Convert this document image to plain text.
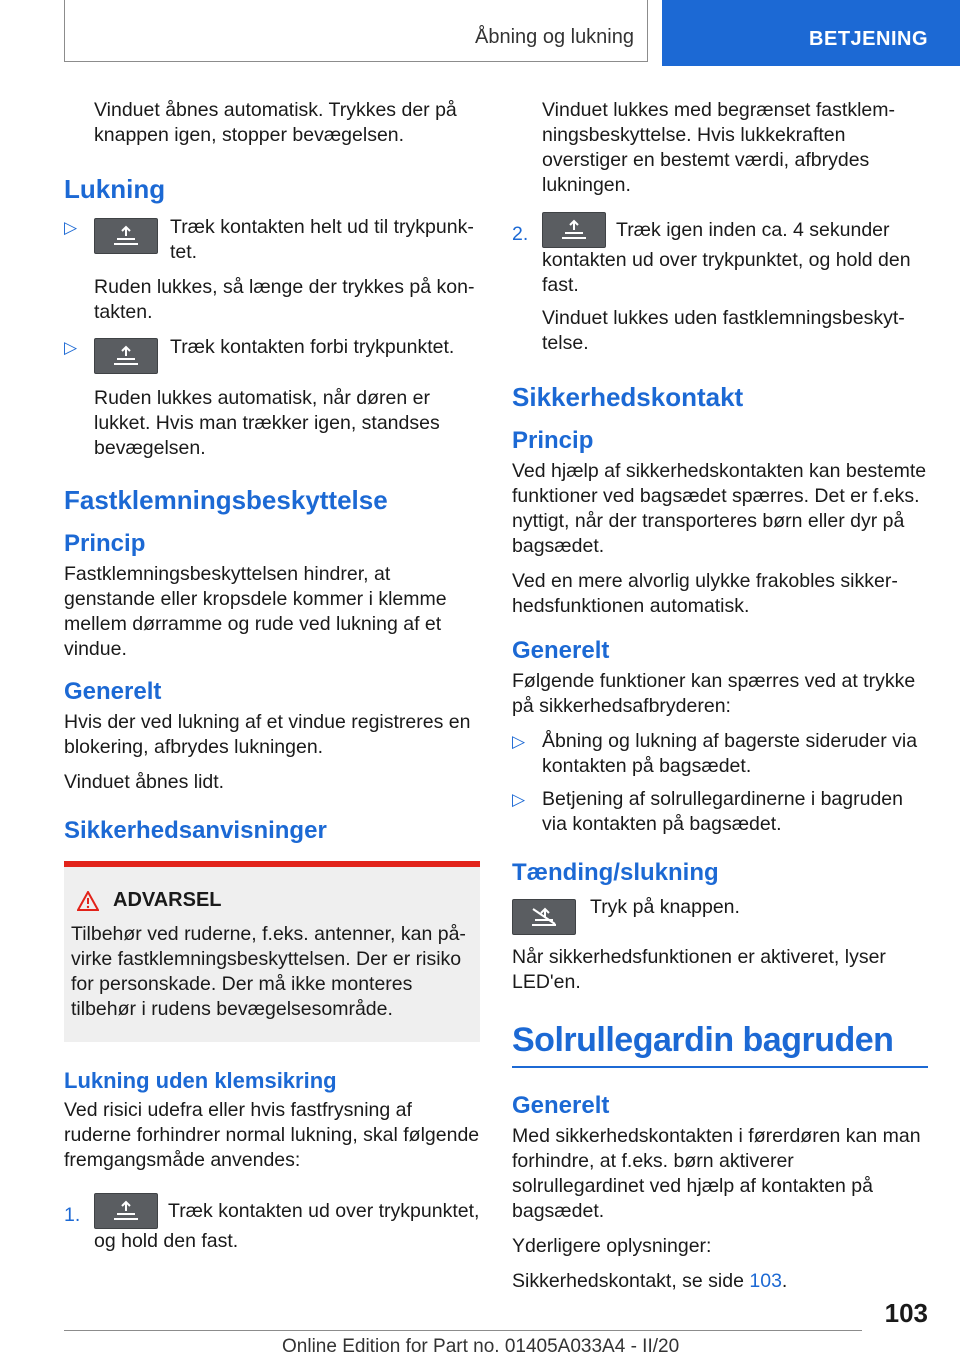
Åbning og lukning	BETJENING

Vinduet åbnes automatisk. Trykkes der på knappen igen, stopper bevægelsen.

Lukning
▷	Træk kontakten helt ud til trykpunktet.

Ruden lukkes, så længe der trykkes på kontakten.

▷	Træk kontakten forbi trykpunktet.
Ruden lukkes automatisk, når døren er lukket. Hvis man trækker igen, standses bevægelsen.

Fastklemningsbeskyttelse
Princip

Fastklemningsbeskyttelsen hindrer, at genstande eller kropsdele kommer i klemme mellem dørramme og rude ved lukning af et vindue.

Generelt

Hvis der ved lukning af et vindue registreres en blokering, afbrydes lukningen.

Vinduet åbnes lidt.

Sikkerhedsanvisninger
ADVARSEL

Tilbehør ved ruderne, f.eks. antenner, kan påvirke fastklemningsbeskyttelsen. Der er risiko for personskade. Der må ikke monteres tilbehør i rudens bevægelsesområde.

Lukning uden klemsikring

Ved risici udefra eller hvis fastfrysning af ruderne forhindrer normal lukning, skal følgende fremgangsmåde anvendes:

1.	Træk kontakten ud over trykpunktet, og hold den fast.

Vinduet lukkes med begrænset fastklemningsbeskyttelse. Hvis lukkekraften overstiger en bestemt værdi, afbrydes lukningen.

2.	Træk igen inden ca. 4 sekunder kontakten ud over trykpunktet, og hold den fast.

Vinduet lukkes uden fastklemningsbeskyttelse.

Sikkerhedskontakt
Princip

Ved hjælp af sikkerhedskontakten kan bestemte funktioner ved bagsædet spærres. Det er f.eks. nyttigt, når der transporteres børn eller dyr på bagsædet.

Ved en mere alvorlig ulykke frakobles sikkerhedsfunktionen automatisk.

Generelt

Følgende funktioner kan spærres ved at trykke på sikkerhedsafbryderen:

▷ Åbning og lukning af bagerste sideruder via kontakten på bagsædet.

▷ Betjening af solrullegardinerne i bagruden via kontakten på bagsædet.

Tænding/slukning

Tryk på knappen.
Når sikkerhedsfunktionen er aktiveret, lyser LED'en.

Solrullegardin bagruden
Generelt

Med sikkerhedskontakten i førerdøren kan man forhindre, at f.eks. børn aktiverer solrullegardinet ved hjælp af kontakten på bagsædet.

Yderligere oplysninger:

Sikkerhedskontakt, se side 103.

103
Online Edition for Part no. 01405A033A4 - II/20
